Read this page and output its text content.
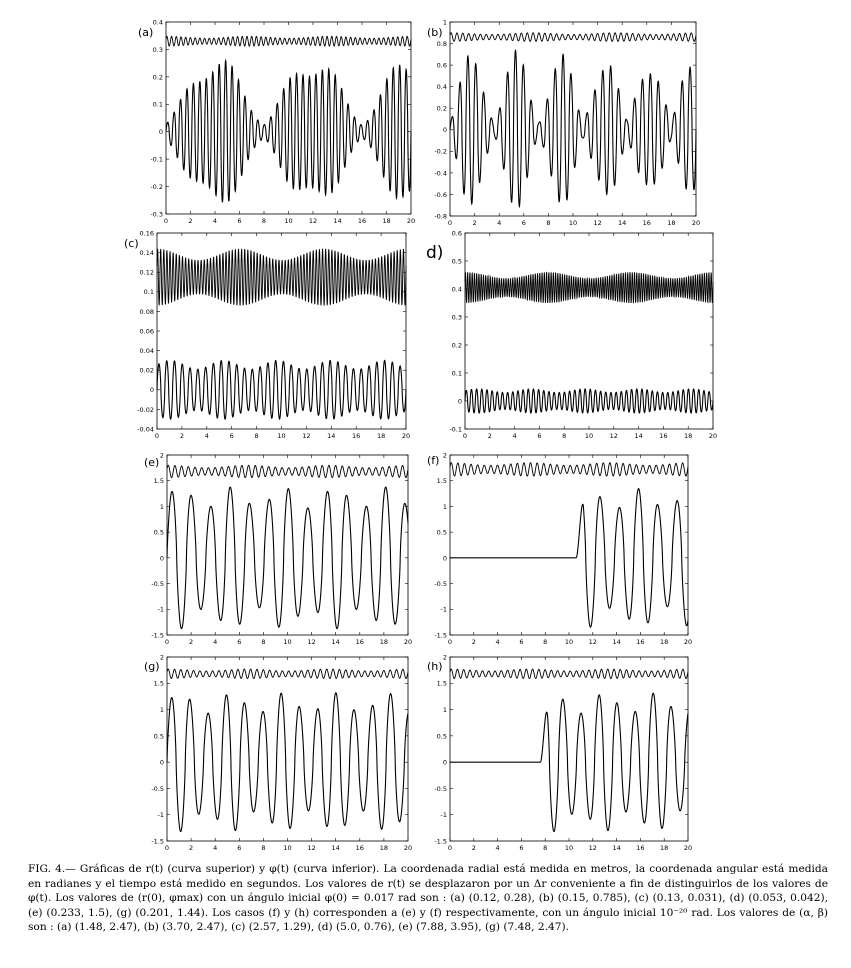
(a)
0	2	4	6	8	10 12 14 16 18 20
0.4
0.3
0.2
0.1
0
-0.1
-0.2
-0.3
(b)
0	2	4	6	8	10	12	14	16	18	20
1
0.8
0.6
0.4
0.2
0
-0.2
-0.4
-0.6
-0.8
(c)
0	2	4	6	8	10	12	14	16	18	20
0.16
0.14
0.12
0.1
0.08
0.06
0.04
0.02
0
-0.02
-0.04
d)
0	2	4	6	8	10	12	14	16	18	20
0.6
0.5
0.4
0.3
0.2
0.1
0
-0.1
(e)
0	2	4	6	8	10 12 14 16 18 20
2
1.5
1
0.5
0
-0.5
-1
-1.5
(f)
0	2	4	6	8	10 12 14 16 18 20
2
1.5
1
0.5
0
-0.5
-1
-1.5
(g)
0	2	4	6	8	10 12 14 16 18 20
2
1.5
1
0.5
0
-0.5
-1
-1.5
(h)
0	2	4	6	8	10 12 14 16 18 20
2
1.5
1
0.5
0
-0.5
-1
-1.5
FIG. 4.— Gráficas de r(t) (curva superior) y φ(t) (curva inferior). La coordenada radial está medida en metros, la coordenada angular está medida en radianes y el tiempo está medido en segundos. Los valores de r(t) se desplazaron por un Δr conveniente a fin de distinguirlos de los valores de φ(t). Los valores de (r(0), φmax) con un ángulo inicial φ(0) = 0.017 rad son : (a) (0.12, 0.28), (b) (0.15, 0.785), (c) (0.13, 0.031), (d) (0.053, 0.042), (e) (0.233, 1.5), (g) (0.201, 1.44). Los casos (f) y (h) corresponden a (e) y (f) respectivamente, con un ángulo inicial 10⁻²⁰ rad. Los valores de (α, β) son : (a) (1.48, 2.47), (b) (3.70, 2.47), (c) (2.57, 1.29), (d) (5.0, 0.76), (e) (7.88, 3.95), (g) (7.48, 2.47).
